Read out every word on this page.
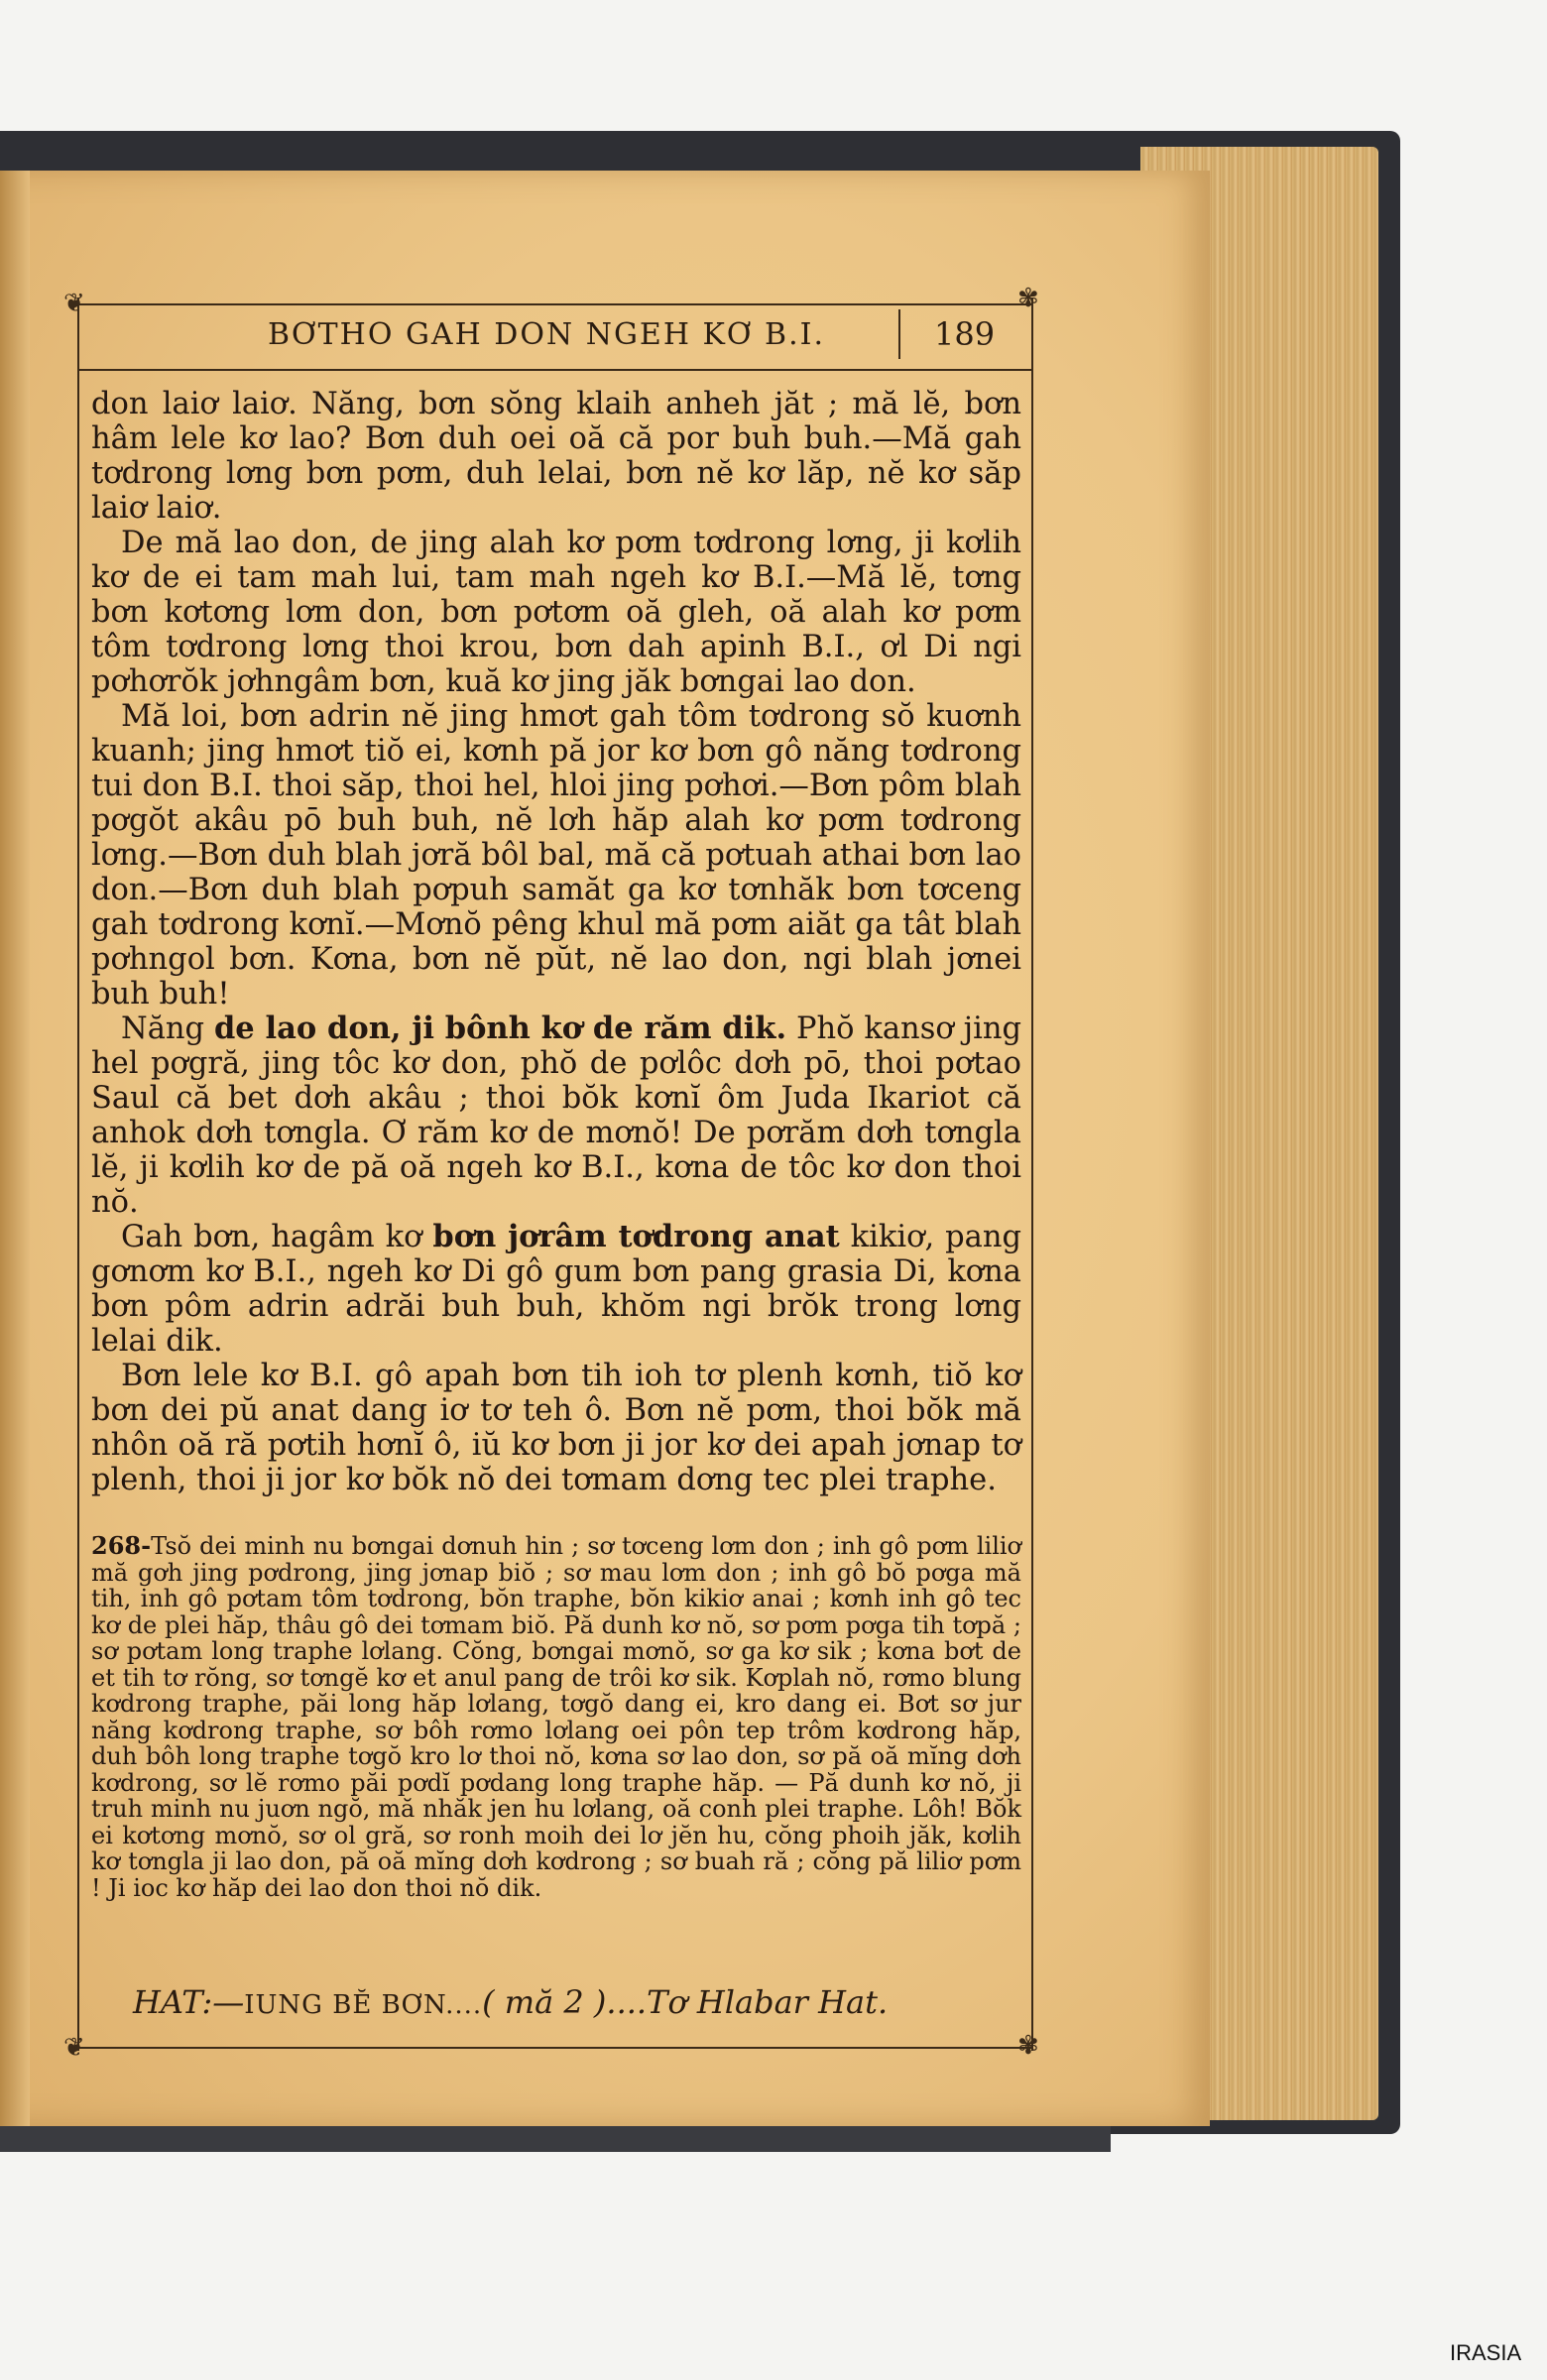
❦	✾
❦	✾
BƠTHO GAH DON NGEH KƠ B.I.	189

don laiơ laiơ. Năng, bơn sŏng klaih anheh jăt ; mă lĕ, bơn hâm lele kơ lao? Bơn duh oei oă că por buh buh.—Mă gah tơdrong lơng bơn pơm, duh lelai, bơn nĕ kơ lăp, nĕ kơ săp laiơ laiơ.

De mă lao don, de jing alah kơ pơm tơdrong lơng, ji kơlih kơ de ei tam mah lui, tam mah ngeh kơ B.I.—Mă lĕ, tơng bơn kơtơng lơm don, bơn pơtơm oă gleh, oă alah kơ pơm tôm tơdrong lơng thoi krou, bơn dah apinh B.I., ơl Di ngi pơhơrŏk jơhngâm bơn, kuă kơ jing jăk bơngai lao don.

Mă loi, bơn adrin nĕ jing hmơt gah tôm tơdrong sŏ kuơnh kuanh; jing hmơt tiŏ ei, kơnh pă jor kơ bơn gô năng tơdrong tui don B.I. thoi săp, thoi hel, hloi jing pơhơi.—Bơn pôm blah pơgŏt akâu pō buh buh, nĕ lơh hăp alah kơ pơm tơdrong lơng.—Bơn duh blah jơră bôl bal, mă că pơtuah athai bơn lao don.—Bơn duh blah pơpuh samăt ga kơ tơnhăk bơn tơceng gah tơdrong kơnĭ.—Mơnŏ pêng khul mă pơm aiăt ga tât blah pơhngol bơn. Kơna, bơn nĕ pŭt, nĕ lao don, ngi blah jơnei buh buh!

Năng de lao don, ji bônh kơ de răm dik. Phŏ kansơ jing hel pơgră, jing tôc kơ don, phŏ de pơlôc dơh pō, thoi pơtao Saul că bet dơh akâu ; thoi bŏk kơnĭ ôm Juda Ikariot că anhok dơh tơngla. Ơ răm kơ de mơnŏ! De pơrăm dơh tơngla lĕ, ji kơlih kơ de pă oă ngeh kơ B.I., kơna de tôc kơ don thoi nŏ.

Gah bơn, hagâm kơ bơn jơrâm tơdrong anat kikiơ, pang gơnơm kơ B.I., ngeh kơ Di gô gum bơn pang grasia Di, kơna bơn pôm adrin adrăi buh buh, khŏm ngi brŏk trong lơng lelai dik.

Bơn lele kơ B.I. gô apah bơn tih ioh tơ plenh kơnh, tiŏ kơ bơn dei pŭ anat dang iơ tơ teh ô. Bơn nĕ pơm, thoi bŏk mă nhôn oă ră pơtih hơnĭ ô, iŭ kơ bơn ji jor kơ dei apah jơnap tơ plenh, thoi ji jor kơ bŏk nŏ dei tơmam dơng tec plei traphe.

268-Tsŏ dei minh nu bơngai dơnuh hin ; sơ tơceng lơm don ; inh gô pơm liliơ mă gơh jing pơdrong, jing jơnap biŏ ; sơ mau lơm don ; inh gô bŏ pơga mă tih, inh gô pơtam tôm tơdrong, bŏn traphe, bŏn kikiơ anai ; kơnh inh gô tec kơ de plei hăp, thâu gô dei tơmam biŏ. Pă dunh kơ nŏ, sơ pơm pơga tih tơpă ; sơ pơtam long traphe lơlang. Cŏng, bơngai mơnŏ, sơ ga kơ sik ; kơna bơt de et tih tơ rŏng, sơ tơngĕ kơ et anul pang de trôi kơ sik. Kơplah nŏ, rơmo blung kơdrong traphe, păi long hăp lơlang, tơgŏ dang ei, kro dang ei. Bơt sơ jur năng kơdrong traphe, sơ bôh rơmo lơlang oei pôn tep trôm kơdrong hăp, duh bôh long traphe tơgŏ kro lơ thoi nŏ, kơna sơ lao don, sơ pă oă mĭng dơh kơdrong, sơ lĕ rơmo păi pơdĭ pơdang long traphe hăp. — Pă dunh kơ nŏ, ji truh minh nu juơn ngŏ, mă nhăk jen hu lơlang, oă conh plei traphe. Lôh! Bŏk ei kơtơng mơnŏ, sơ ol gră, sơ ronh moih dei lơ jĕn hu, cŏng phoih jăk, kơlih kơ tơngla ji lao don, pă oă mĭng dơh kơdrong ; sơ buah ră ; cŏng pă liliơ pơm ! Ji ioc kơ hăp dei lao don thoi nŏ dik.

HAT:—IUNG BĔ BƠN....( mă 2 )....Tơ Hlabar Hat.
IRASIA
